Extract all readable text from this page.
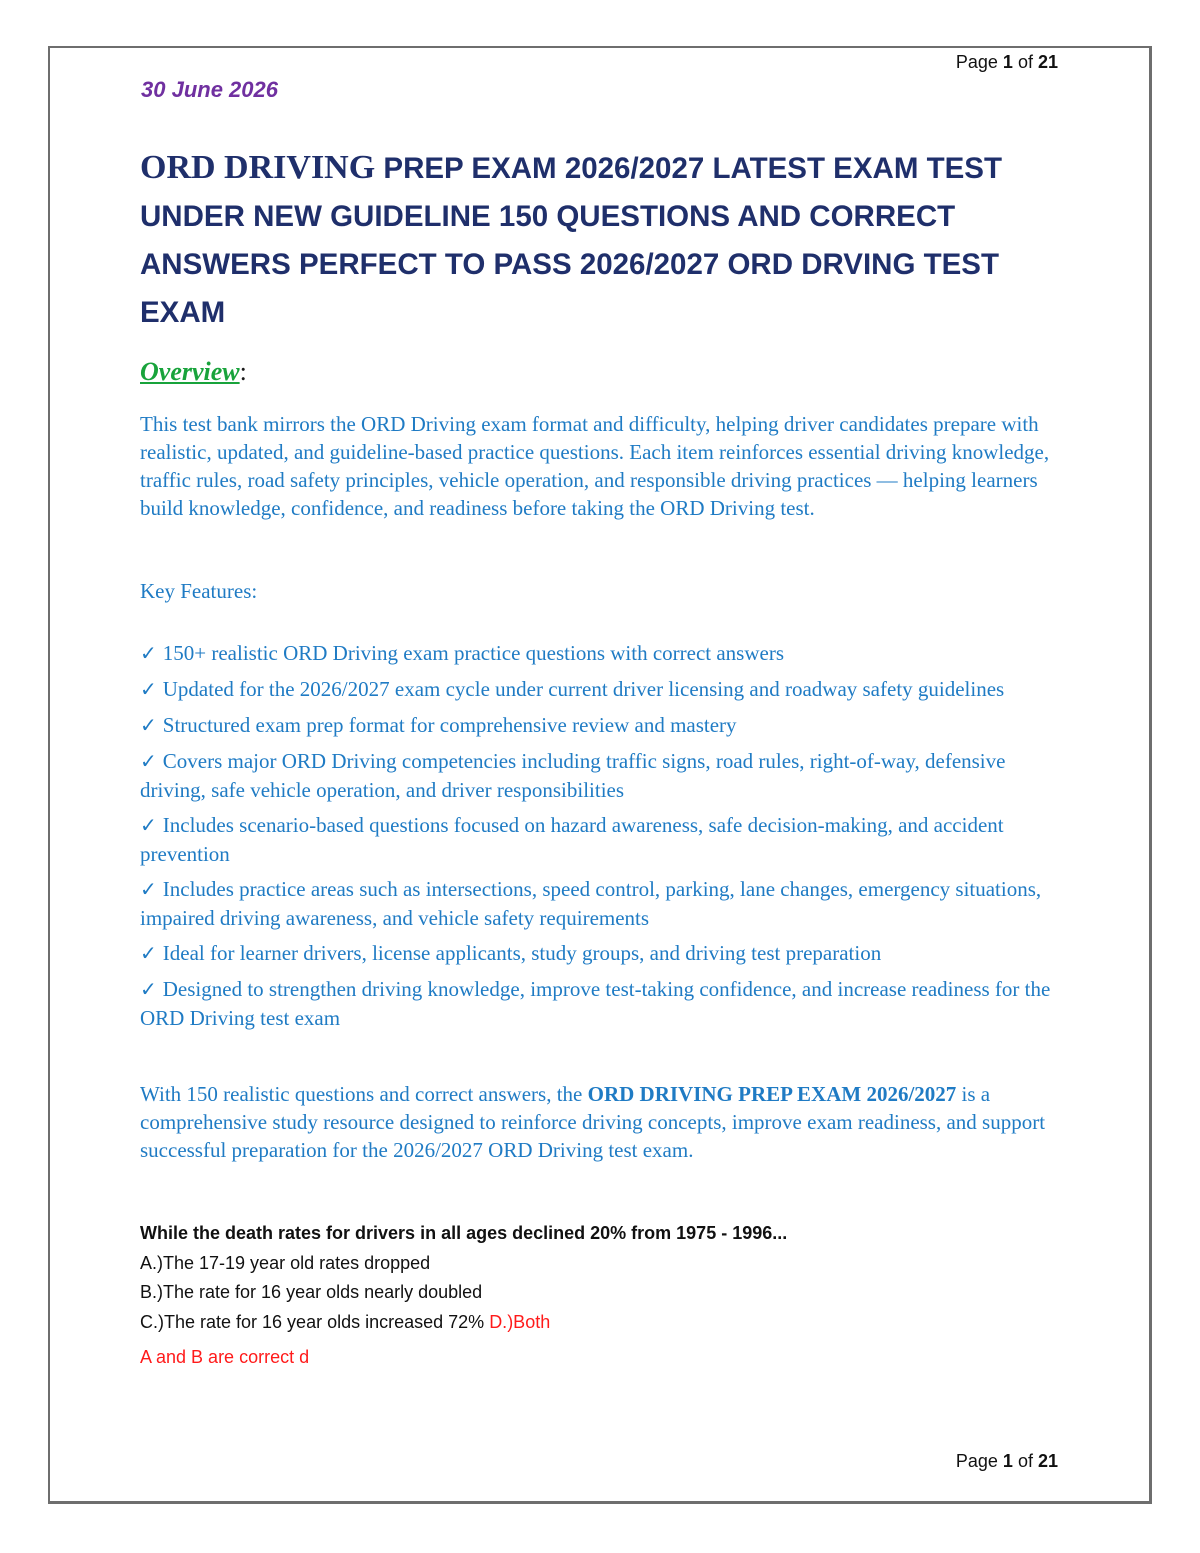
Page 1 of 21
30 June 2026
ORD DRIVING PREP EXAM 2026/2027 LATEST EXAM TEST UNDER NEW GUIDELINE 150 QUESTIONS AND CORRECT ANSWERS PERFECT TO PASS 2026/2027 ORD DRVING TEST EXAM
Overview:

This test bank mirrors the ORD Driving exam format and difficulty, helping driver candidates prepare with realistic, updated, and guideline-based practice questions. Each item reinforces essential driving knowledge, traffic rules, road safety principles, vehicle operation, and responsible driving practices — helping learners build knowledge, confidence, and readiness before taking the ORD Driving test.

Key Features:

✓ 150+ realistic ORD Driving exam practice questions with correct answers
✓ Updated for the 2026/2027 exam cycle under current driver licensing and roadway safety guidelines
✓ Structured exam prep format for comprehensive review and mastery
✓ Covers major ORD Driving competencies including traffic signs, road rules, right-of-way, defensive driving, safe vehicle operation, and driver responsibilities
✓ Includes scenario-based questions focused on hazard awareness, safe decision-making, and accident prevention
✓ Includes practice areas such as intersections, speed control, parking, lane changes, emergency situations, impaired driving awareness, and vehicle safety requirements
✓ Ideal for learner drivers, license applicants, study groups, and driving test preparation
✓ Designed to strengthen driving knowledge, improve test-taking confidence, and increase readiness for the ORD Driving test exam

With 150 realistic questions and correct answers, the ORD DRIVING PREP EXAM 2026/2027 is a comprehensive study resource designed to reinforce driving concepts, improve exam readiness, and support successful preparation for the 2026/2027 ORD Driving test exam.

While the death rates for drivers in all ages declined 20% from 1975 - 1996...
A.)The 17-19 year old rates dropped
B.)The rate for 16 year olds nearly doubled
C.)The rate for 16 year olds increased 72% D.)Both
A and B are correct d
Page 1 of 21
